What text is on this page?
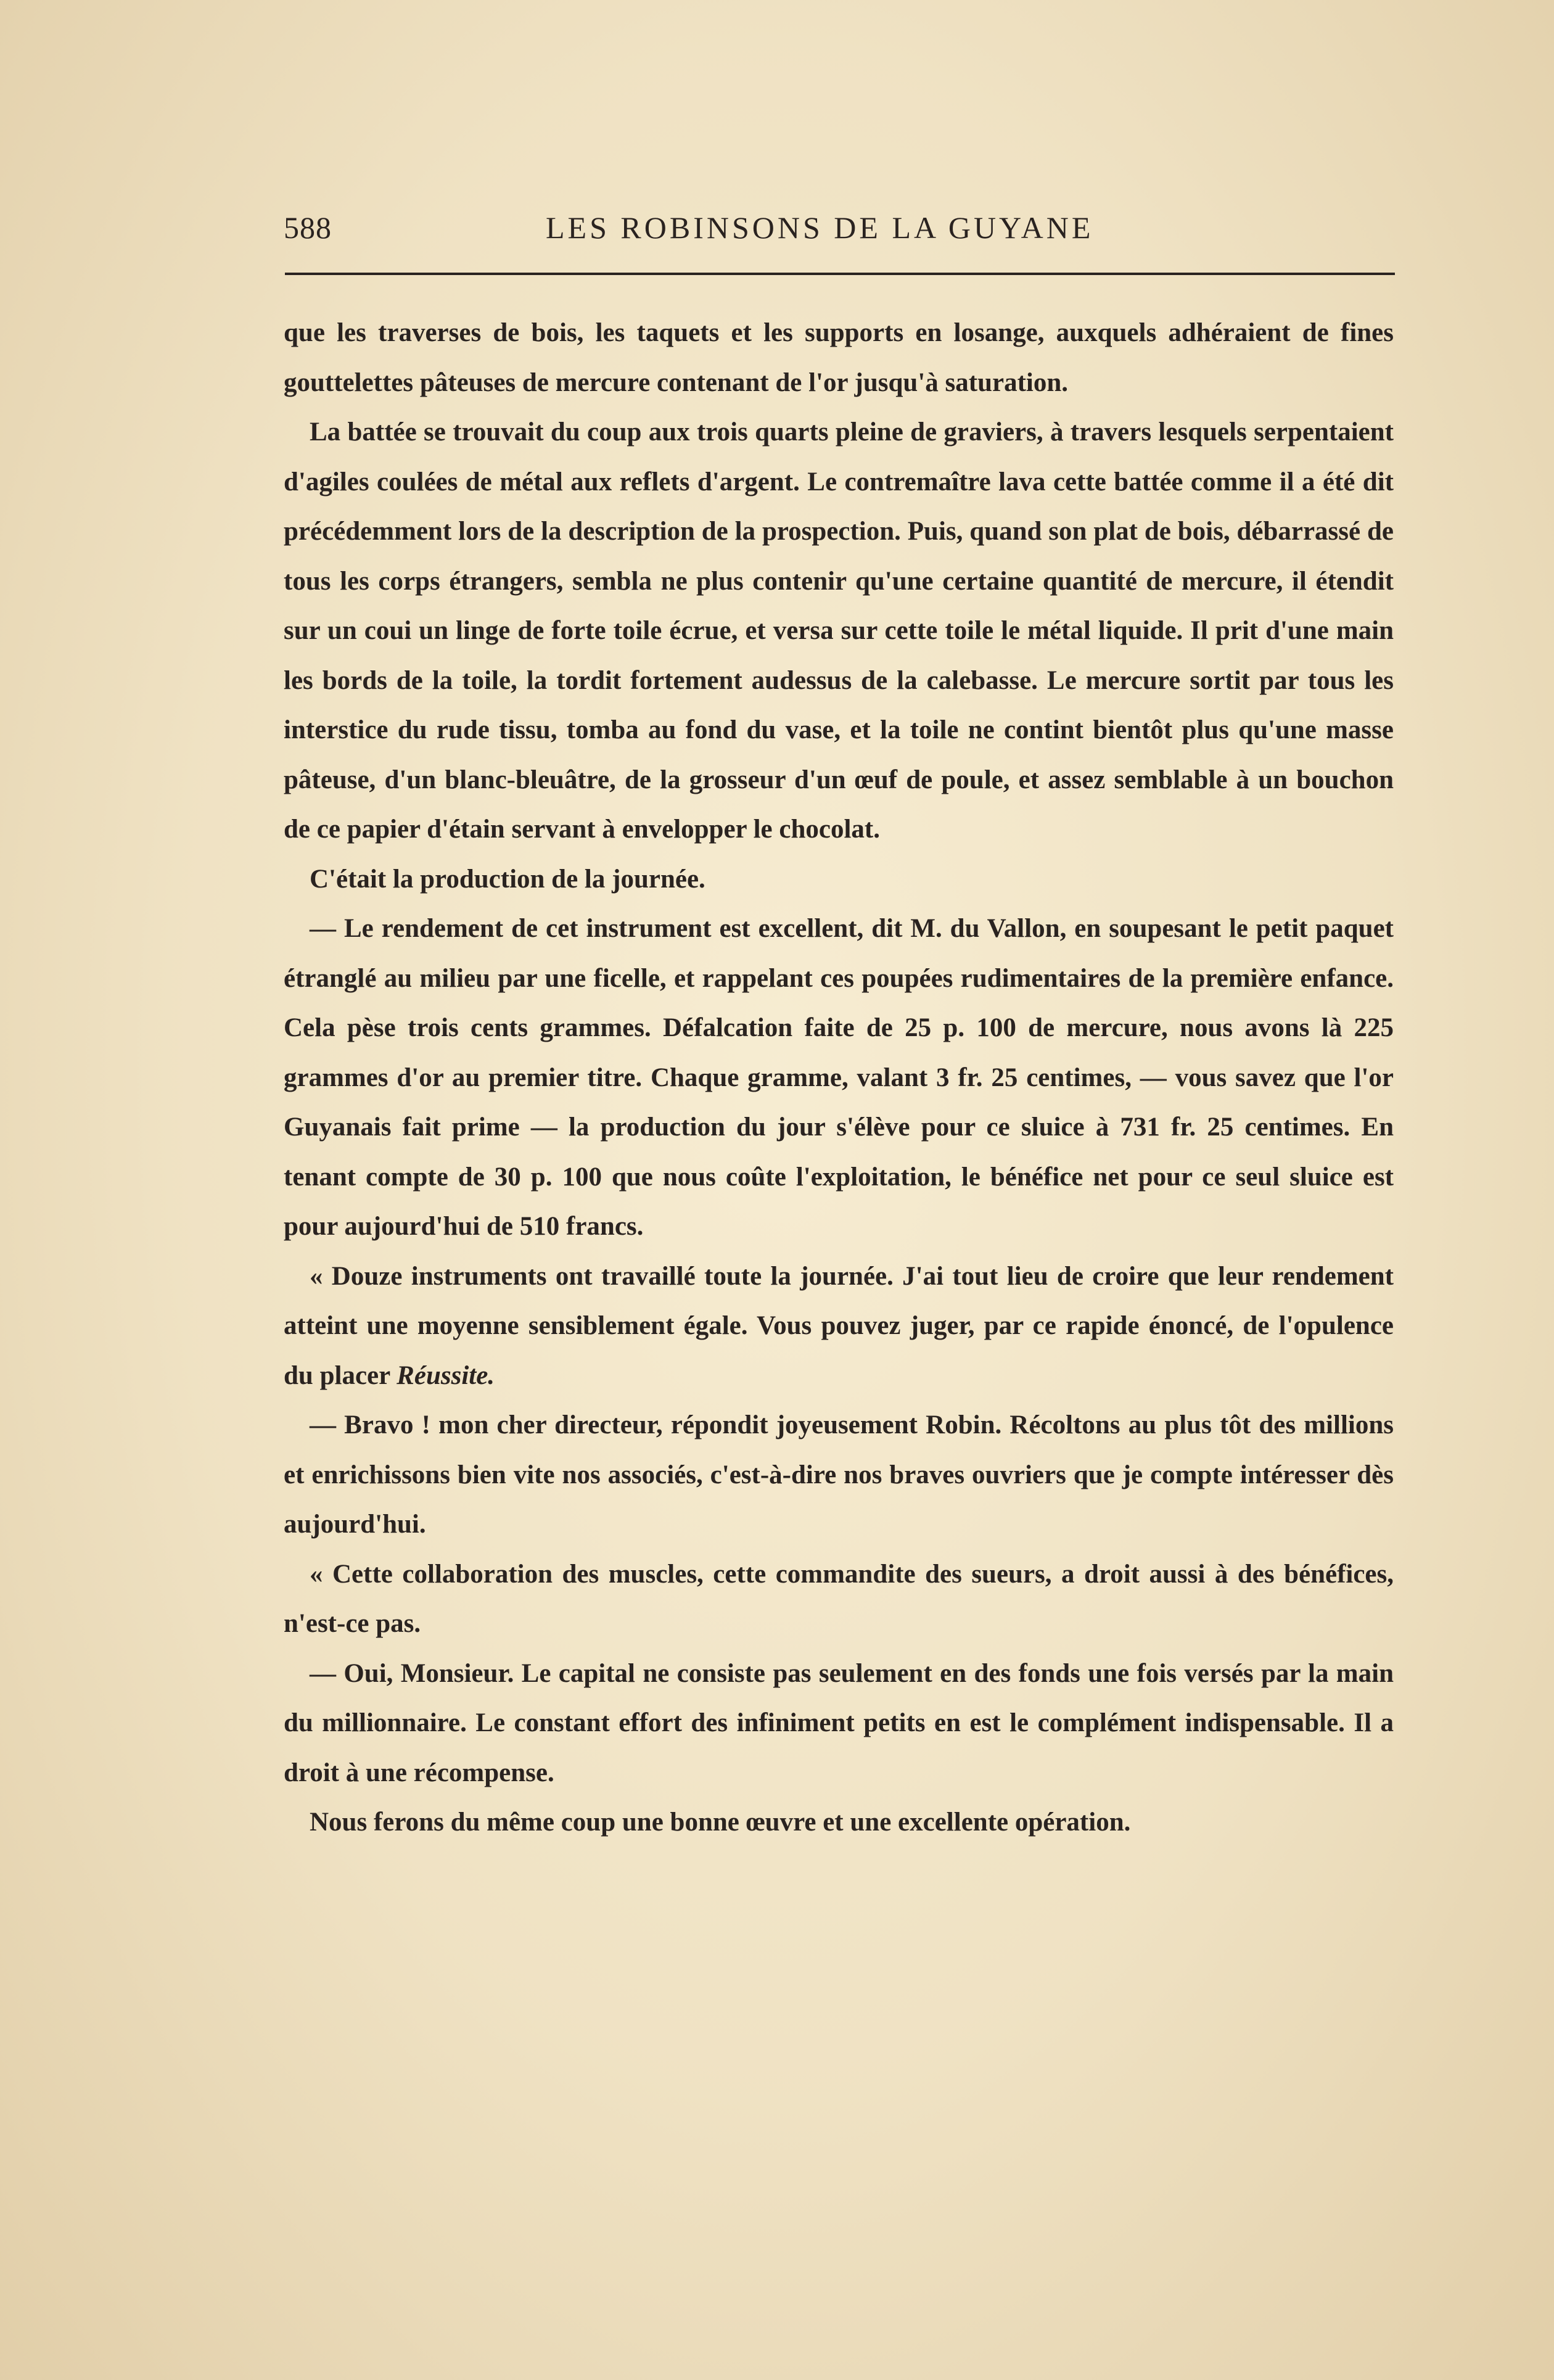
588	LES ROBINSONS DE LA GUYANE

que les traverses de bois, les taquets et les supports en losange, auxquels adhéraient de fines gouttelettes pâteuses de mercure contenant de l'or jusqu'à saturation.

La battée se trouvait du coup aux trois quarts pleine de graviers, à travers lesquels serpentaient d'agiles coulées de métal aux reflets d'argent. Le contremaître lava cette battée comme il a été dit précédemment lors de la description de la prospection. Puis, quand son plat de bois, débarrassé de tous les corps étrangers, sembla ne plus contenir qu'une certaine quantité de mercure, il étendit sur un coui un linge de forte toile écrue, et versa sur cette toile le métal liquide. Il prit d'une main les bords de la toile, la tordit fortement audessus de la calebasse. Le mercure sortit par tous les interstice du rude tissu, tomba au fond du vase, et la toile ne contint bientôt plus qu'une masse pâteuse, d'un blanc-bleuâtre, de la grosseur d'un œuf de poule, et assez semblable à un bouchon de ce papier d'étain servant à envelopper le chocolat.

C'était la production de la journée.

— Le rendement de cet instrument est excellent, dit M. du Vallon, en soupesant le petit paquet étranglé au milieu par une ficelle, et rappelant ces poupées rudimentaires de la première enfance. Cela pèse trois cents grammes. Défalcation faite de 25 p. 100 de mercure, nous avons là 225 grammes d'or au premier titre. Chaque gramme, valant 3 fr. 25 centimes, — vous savez que l'or Guyanais fait prime — la production du jour s'élève pour ce sluice à 731 fr. 25 centimes. En tenant compte de 30 p. 100 que nous coûte l'exploitation, le bénéfice net pour ce seul sluice est pour aujourd'hui de 510 francs.

« Douze instruments ont travaillé toute la journée. J'ai tout lieu de croire que leur rendement atteint une moyenne sensiblement égale. Vous pouvez juger, par ce rapide énoncé, de l'opulence du placer Réussite.

— Bravo ! mon cher directeur, répondit joyeusement Robin. Récoltons au plus tôt des millions et enrichissons bien vite nos associés, c'est-à-dire nos braves ouvriers que je compte intéresser dès aujourd'hui.

« Cette collaboration des muscles, cette commandite des sueurs, a droit aussi à des bénéfices, n'est-ce pas.

— Oui, Monsieur. Le capital ne consiste pas seulement en des fonds une fois versés par la main du millionnaire. Le constant effort des infiniment petits en est le complément indispensable. Il a droit à une récompense.

Nous ferons du même coup une bonne œuvre et une excellente opération.
